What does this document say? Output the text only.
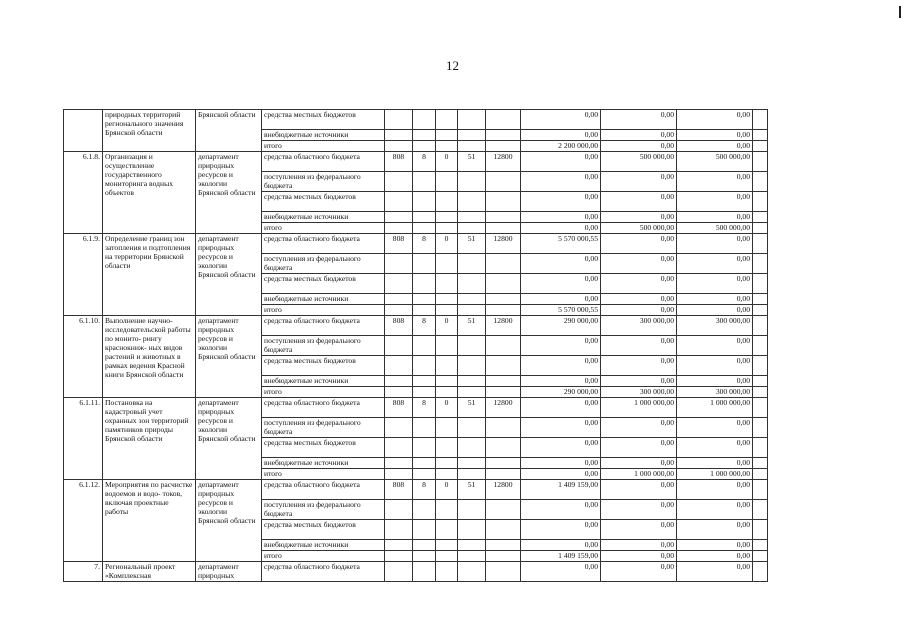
12
	природных территорий регионального значения Брянской области	Брянской области	средства местных бюджетов						0,00	0,00	0,00	
			внебюджетные источники						0,00	0,00	0,00	
			итого						2 200 000,00	0,00	0,00	
6.1.8.	Организация и осуществление государственного мониторинга водных объектов	департамент природных ресурсов и экологии Брянской области	средства областного бюджета	808	8	0	51	12800	0,00	500 000,00	500 000,00	
			поступления из федерального бюджета						0,00	0,00	0,00	
			средства местных бюджетов						0,00	0,00	0,00	
			внебюджетные источники						0,00	0,00	0,00	
			итого						0,00	500 000,00	500 000,00	
6.1.9.	Определение границ зон затопления и подтопления на территории Брянской области	департамент природных ресурсов и экологии Брянской области	средства областного бюджета	808	8	0	51	12800	5 570 000,55	0,00	0,00	
			поступления из федерального бюджета						0,00	0,00	0,00	
			средства местных бюджетов						0,00	0,00	0,00	
			внебюджетные источники						0,00	0,00	0,00	
			итого						5 570 000,55	0,00	0,00	
6.1.10.	Выполнение научно- исследовательской работы по монито- рингу краснокниж- ных видов растений и животных в рамках ведения Красной книги Брянской области	департамент природных ресурсов и экологии Брянской области	средства областного бюджета	808	8	0	51	12800	290 000,00	300 000,00	300 000,00	
			поступления из федерального бюджета						0,00	0,00	0,00	
			средства местных бюджетов						0,00	0,00	0,00	
			внебюджетные источники						0,00	0,00	0,00	
			итого						290 000,00	300 000,00	300 000,00	
6.1.11.	Постановка на кадастровый учет охранных зон территорий памятников природы Брянской области	департамент природных ресурсов и экологии Брянской области	средства областного бюджета	808	8	0	51	12800	0,00	1 000 000,00	1 000 000,00	
			поступления из федерального бюджета						0,00	0,00	0,00	
			средства местных бюджетов						0,00	0,00	0,00	
			внебюджетные источники						0,00	0,00	0,00	
			итого						0,00	1 000 000,00	1 000 000,00	
6.1.12.	Мероприятия по расчистке водоемов и водо- токов, включая проектные работы	департамент природных ресурсов и экологии Брянской области	средства областного бюджета	808	8	0	51	12800	1 409 159,00	0,00	0,00	
			поступления из федерального бюджета						0,00	0,00	0,00	
			средства местных бюджетов						0,00	0,00	0,00	
			внебюджетные источники						0,00	0,00	0,00	
			итого						1 409 159,00	0,00	0,00	
7.	Региональный проект «Комплексная	департамент природных	средства областного бюджета						0,00	0,00	0,00	
